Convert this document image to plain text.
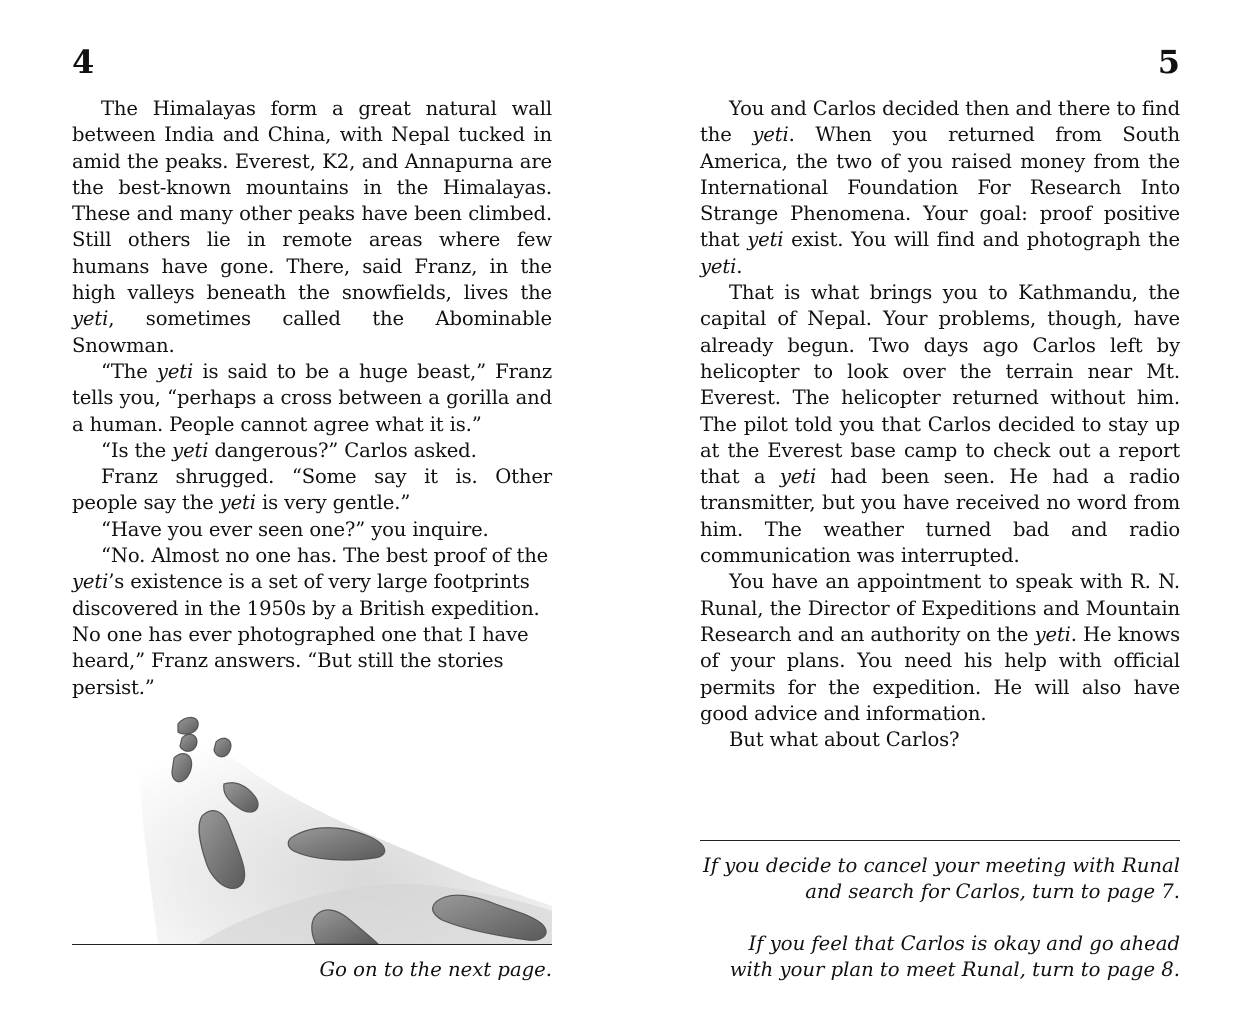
4

The Himalayas form a great natural wall between India and China, with Nepal tucked in amid the peaks. Everest, K2, and Annapurna are the best-known mountains in the Himalayas. These and many other peaks have been climbed. Still others lie in remote areas where few humans have gone. There, said Franz, in the high valleys beneath the snowfields, lives the yeti, sometimes called the Abominable Snowman.

“The yeti is said to be a huge beast,” Franz tells you, “perhaps a cross between a gorilla and a human. People cannot agree what it is.”

“Is the yeti dangerous?” Carlos asked.

Franz shrugged. “Some say it is. Other people say the yeti is very gentle.”

“Have you ever seen one?” you inquire.

“No. Almost no one has. The best proof of the yeti’s existence is a set of very large footprints discovered in the 1950s by a British expedition. No one has ever photographed one that I have heard,” Franz answers. “But still the stories persist.”

Go on to the next page.

5

You and Carlos decided then and there to find the yeti. When you returned from South America, the two of you raised money from the International Foundation For Research Into Strange Phenomena. Your goal: proof positive that yeti exist. You will find and photograph the yeti.

That is what brings you to Kathmandu, the capital of Nepal. Your problems, though, have already begun. Two days ago Carlos left by helicopter to look over the terrain near Mt. Everest. The helicopter returned without him. The pilot told you that Carlos decided to stay up at the Everest base camp to check out a report that a yeti had been seen. He had a radio transmitter, but you have received no word from him. The weather turned bad and radio communication was interrupted.

You have an appointment to speak with R. N. Runal, the Director of Expeditions and Mountain Research and an authority on the yeti. He knows of your plans. You need his help with official permits for the expedition. He will also have good advice and information.

But what about Carlos?

If you decide to cancel your meeting with Runal and search for Carlos, turn to page 7.

If you feel that Carlos is okay and go ahead with your plan to meet Runal, turn to page 8.
